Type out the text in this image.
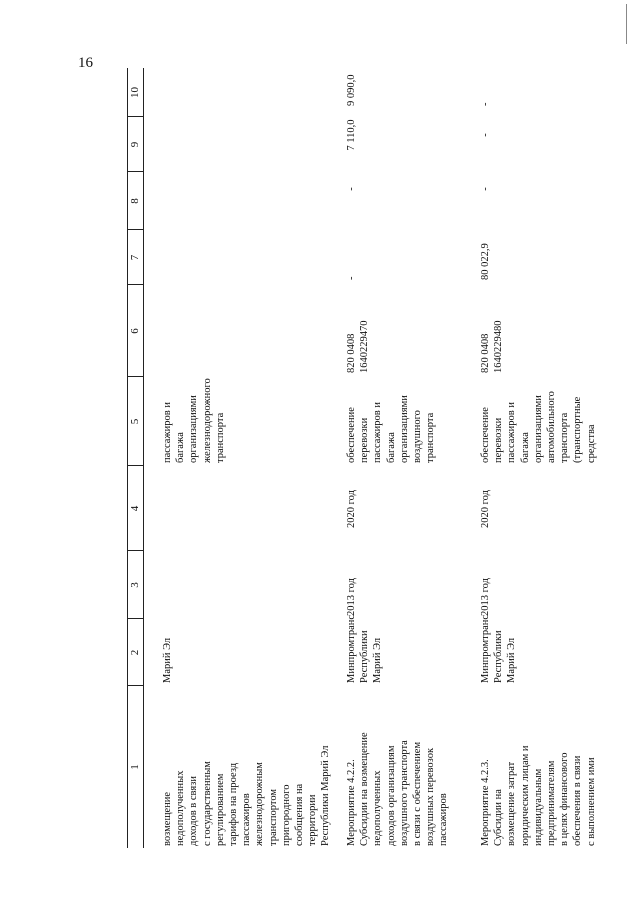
16
1
2
3
4
5
6
7
8
9
10
возмещение
недополученных
доходов в связи
с государственным
регулированием
тарифов на проезд
пассажиров
железнодорожным
транспортом
пригородного
сообщения на
территории
Республики Марий Эл
Марий Эл
пассажиров и
багажа
организациями
железнодорожного
транспорта
Мероприятие 4.2.2.
Субсидии на возмещение
недополученных
доходов организациям
воздушного транспорта
в связи с обеспечением
воздушных перевозок
пассажиров
Минпромтранс
Республики
Марий Эл
2013 год
2020 год
обеспечение
перевозки
пассажиров и
багажа
организациями
воздушного
транспорта
820 0408
1640229470
-
-
7 110,0
9 090,0
Мероприятие 4.2.3.
Субсидии на
возмещение затрат
юридическим лицам и
индивидуальным
предпринимателям
в целях финансового
обеспечения в связи
с выполнением ими
Минпромтранс
Республики
Марий Эл
2013 год
2020 год
обеспечение
перевозки
пассажиров и
багажа
организациями
автомобильного
транспорта
(транспортные
средства
820 0408
1640229480
80 022,9
-
-
-
